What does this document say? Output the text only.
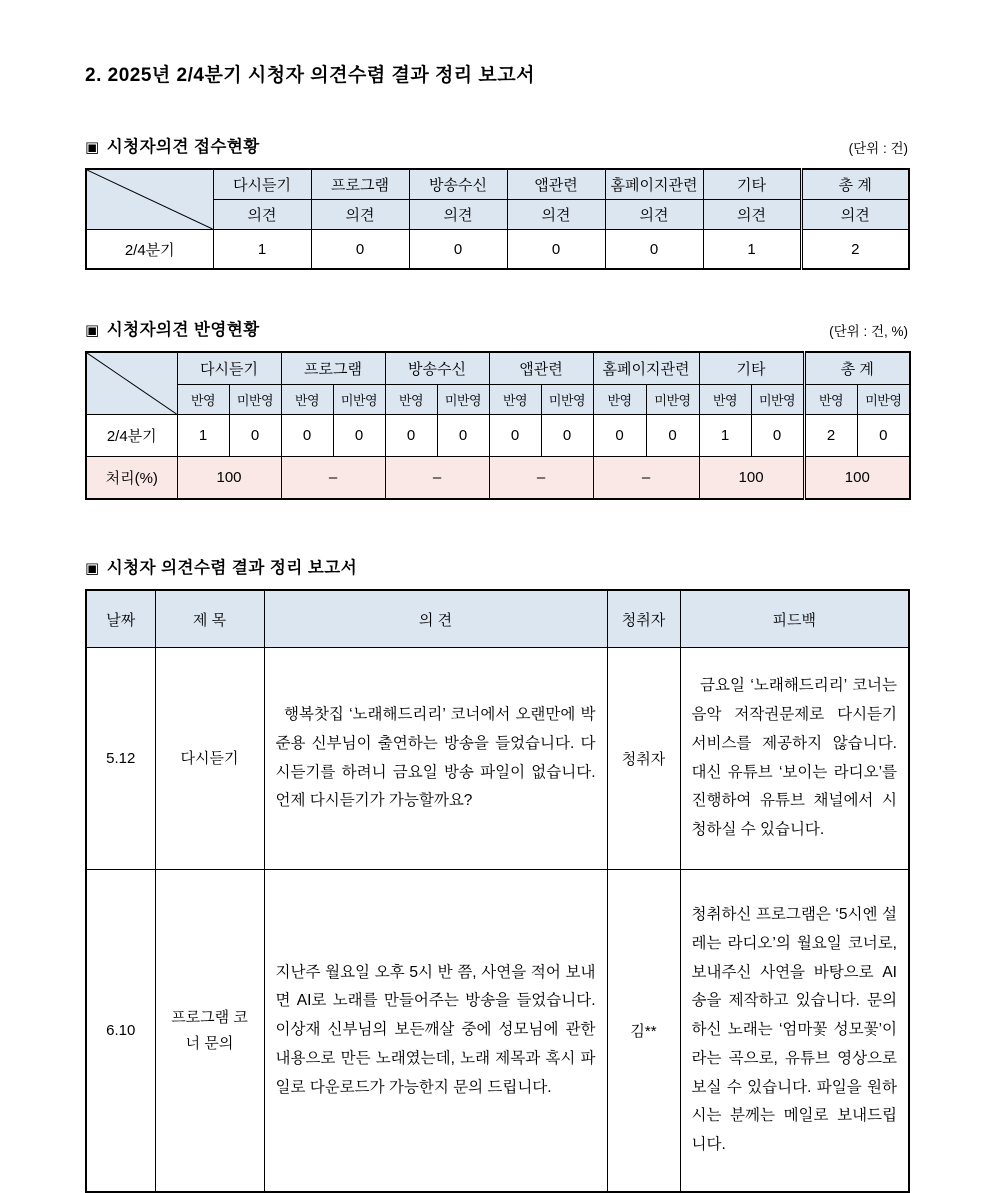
2. 2025년 2/4분기 시청자 의견수렴 결과 정리 보고서
▣ 시청자의견 접수현황	(단위 : 건)
	다시듣기	프로그램	방송수신	앱관련	홈페이지관련	기타	총 계
	의견	의견	의견	의견	의견	의견	의견
2/4분기	1	0	0	0	0	1	2
▣ 시청자의견 반영현황	(단위 : 건, %)
	다시듣기		프로그램		방송수신		앱관련		홈페이지관련		기타		총 계	
	반영	미반영	반영	미반영	반영	미반영	반영	미반영	반영	미반영	반영	미반영	반영	미반영
2/4분기	1	0	0	0	0	0	0	0	0	0	1	0	2	0
처리(%)	100		–		–		–		–		100		100	
▣ 시청자 의견수렴 결과 정리 보고서
날짜	제 목	의 견	청취자	피드백
5.12	다시듣기	행복찻집 ‘노래해드리리’ 코너에서 오랜만에 박준용 신부님이 출연하는 방송을 들었습니다. 다시듣기를 하려니 금요일 방송 파일이 없습니다. 언제 다시듣기가 가능할까요?	청취자	금요일 ‘노래해드리리’ 코너는 음악 저작권문제로 다시듣기 서비스를 제공하지 않습니다. 대신 유튜브 ‘보이는 라디오’를 진행하여 유튜브 채널에서 시청하실 수 있습니다.
6.10	프로그램 코너 문의	지난주 월요일 오후 5시 반 쯤, 사연을 적어 보내면 AI로 노래를 만들어주는 방송을 들었습니다. 이상재 신부님의 보든깨살 중에 성모님에 관한 내용으로 만든 노래였는데, 노래 제목과 혹시 파일로 다운로드가 가능한지 문의 드립니다.	김**	청취하신 프로그램은 ‘5시엔 설레는 라디오’의 월요일 코너로, 보내주신 사연을 바탕으로 AI송을 제작하고 있습니다. 문의하신 노래는 ‘엄마꽃 성모꽃’이라는 곡으로, 유튜브 영상으로 보실 수 있습니다. 파일을 원하시는 분께는 메일로 보내드립니다.
